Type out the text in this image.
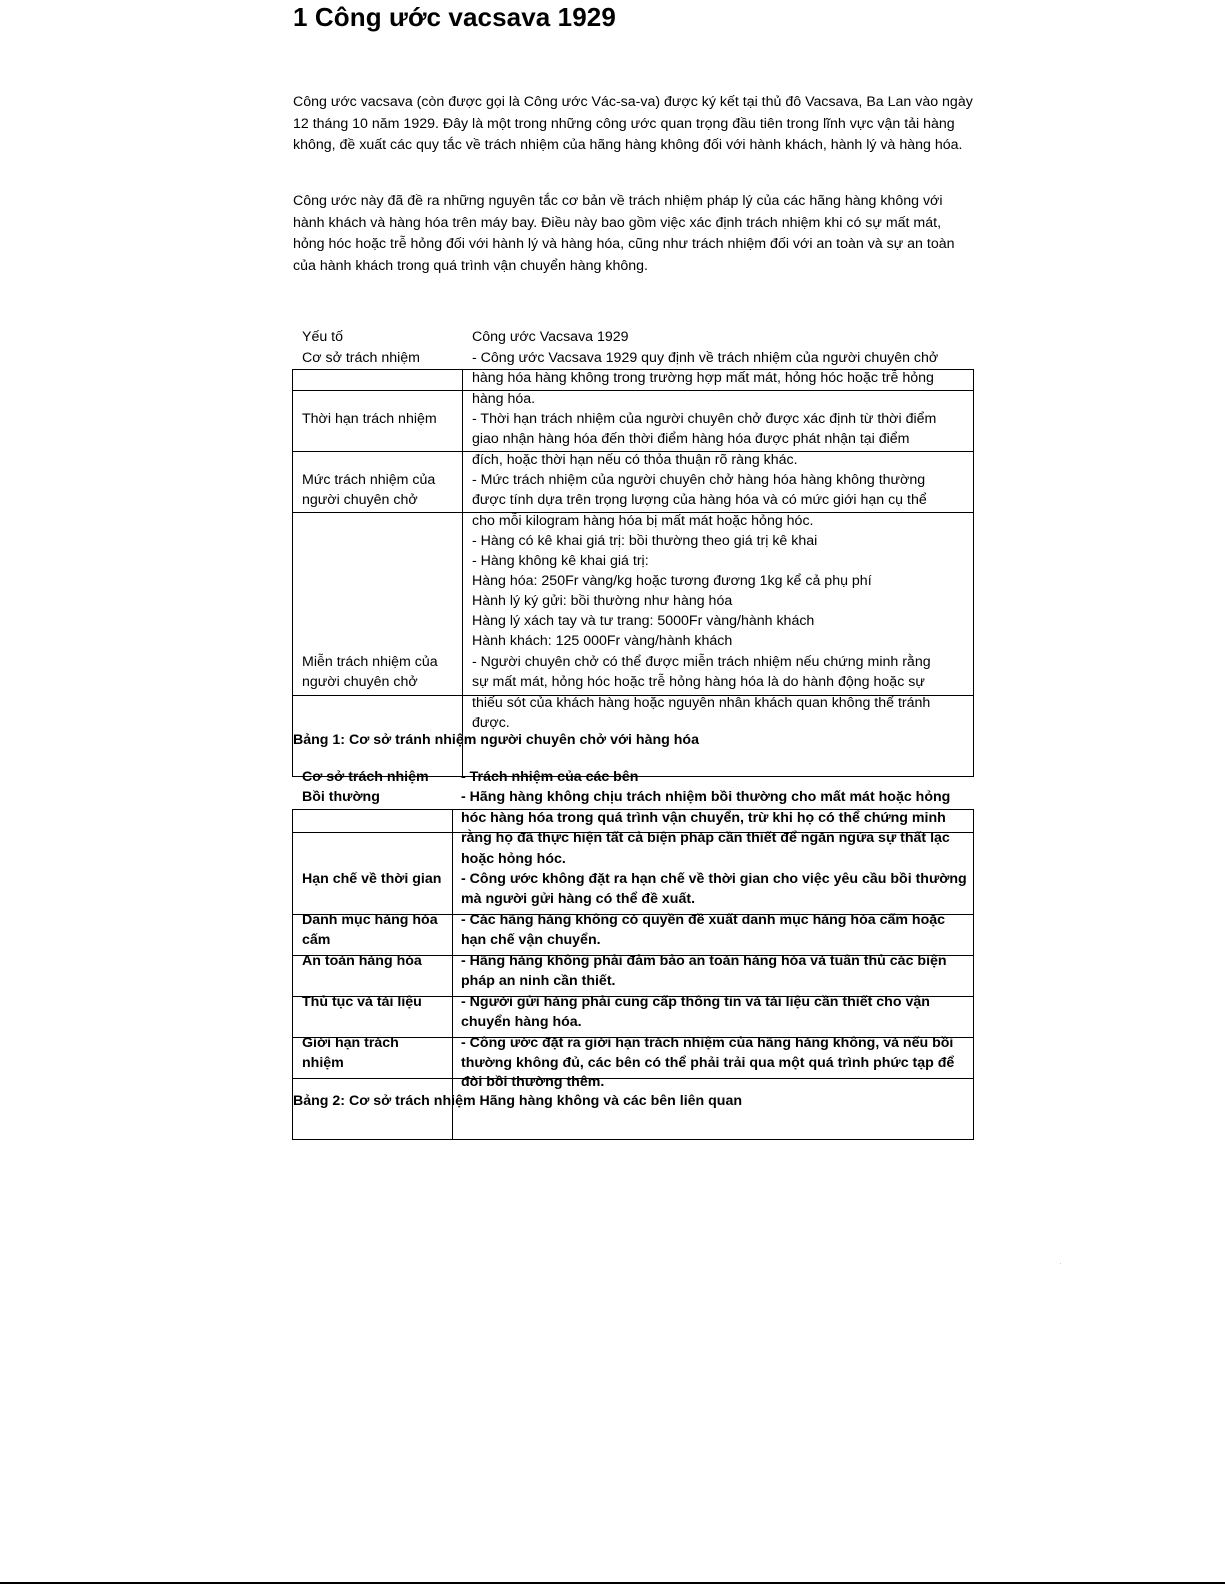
1 Công ước vacsava 1929

Công ước vacsava (còn được gọi là Công ước Vác-sa-va) được ký kết tại thủ đô Vacsava, Ba Lan vào ngày 12 tháng 10 năm 1929. Đây là một trong những công ước quan trọng đầu tiên trong lĩnh vực vận tải hàng không, đề xuất các quy tắc về trách nhiệm của hãng hàng không đối với hành khách, hành lý và hàng hóa.

Công ước này đã đề ra những nguyên tắc cơ bản về trách nhiệm pháp lý của các hãng hàng không với hành khách và hàng hóa trên máy bay. Điều này bao gồm việc xác định trách nhiệm khi có sự mất mát, hỏng hóc hoặc trễ hỏng đối với hành lý và hàng hóa, cũng như trách nhiệm đối với an toàn và sự an toàn của hành khách trong quá trình vận chuyển hàng không.

Yếu tố
Cơ sở trách nhiệm
Thời hạn trách nhiệm
Mức trách nhiệm của
người chuyên chở
Miễn trách nhiệm của
người chuyên chở
Công ước Vacsava 1929
- Công ước Vacsava 1929 quy định về trách nhiệm của người chuyên chở
hàng hóa hàng không trong trường hợp mất mát, hỏng hóc hoặc trễ hỏng
hàng hóa.
- Thời hạn trách nhiệm của người chuyên chở được xác định từ thời điểm
giao nhận hàng hóa đến thời điểm hàng hóa được phát nhận tại điểm
đích, hoặc thời hạn nếu có thỏa thuận rõ ràng khác.
- Mức trách nhiệm của người chuyên chở hàng hóa hàng không thường
được tính dựa trên trọng lượng của hàng hóa và có mức giới hạn cụ thể
cho mỗi kilogram hàng hóa bị mất mát hoặc hỏng hóc.
- Hàng có kê khai giá trị: bồi thường theo giá trị kê khai
- Hàng không kê khai giá trị:
Hàng hóa: 250Fr vàng/kg hoặc tương đương 1kg kể cả phụ phí
Hành lý ký gửi: bồi thường như hàng hóa
Hàng lý xách tay và tư trang: 5000Fr vàng/hành khách
Hành khách: 125 000Fr vàng/hành khách
- Người chuyên chở có thể được miễn trách nhiệm nếu chứng minh rằng
sự mất mát, hỏng hóc hoặc trễ hỏng hàng hóa là do hành động hoặc sự
thiếu sót của khách hàng hoặc nguyên nhân khách quan không thể tránh
được.
Bảng 1: Cơ sở tránh nhiệm người chuyên chở với hàng hóa
Cơ sở trách nhiệm
Bồi thường
Hạn chế về thời gian
Danh mục hàng hóa
cấm
An toàn hàng hóa
Thủ tục và tài liệu
Giới hạn trách
nhiệm
- Trách nhiệm của các bên
- Hãng hàng không chịu trách nhiệm bồi thường cho mất mát hoặc hỏng
hóc hàng hóa trong quá trình vận chuyển, trừ khi họ có thể chứng minh
rằng họ đã thực hiện tất cả biện pháp cần thiết để ngăn ngừa sự thất lạc
hoặc hỏng hóc.
- Công ước không đặt ra hạn chế về thời gian cho việc yêu cầu bồi thường
mà người gửi hàng có thể đề xuất.
- Các hãng hàng không có quyền đề xuất danh mục hàng hóa cấm hoặc
hạn chế vận chuyển.
- Hãng hàng không phải đảm bảo an toàn hàng hóa và tuân thủ các biện
pháp an ninh cần thiết.
- Người gửi hàng phải cung cấp thông tin và tài liệu cần thiết cho vận
chuyển hàng hóa.
- Công ước đặt ra giới hạn trách nhiệm của hãng hàng không, và nếu bồi
thường không đủ, các bên có thể phải trải qua một quá trình phức tạp để
đòi bồi thường thêm.
Bảng 2: Cơ sở trách nhiệm Hãng hàng không và các bên liên quan
